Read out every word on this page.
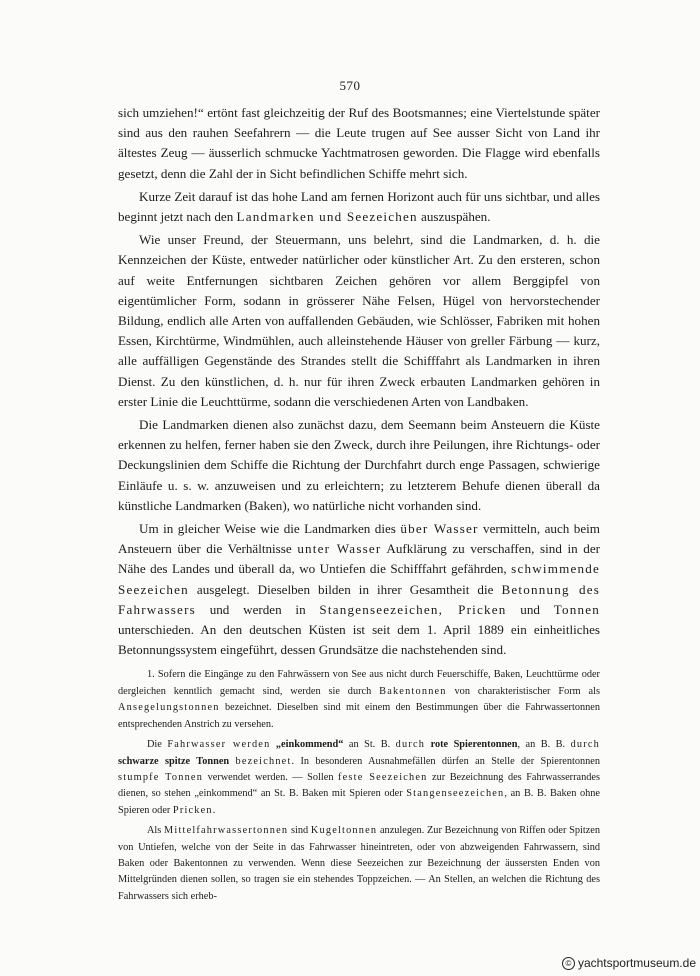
570

sich umziehen!“ ertönt fast gleichzeitig der Ruf des Bootsmannes; eine Viertelstunde später sind aus den rauhen Seefahrern — die Leute trugen auf See ausser Sicht von Land ihr ältestes Zeug — äusserlich schmucke Yachtmatrosen geworden. Die Flagge wird ebenfalls gesetzt, denn die Zahl der in Sicht befindlichen Schiffe mehrt sich.

Kurze Zeit darauf ist das hohe Land am fernen Horizont auch für uns sichtbar, und alles beginnt jetzt nach den Landmarken und Seezeichen auszuspähen.

Wie unser Freund, der Steuermann, uns belehrt, sind die Landmarken, d. h. die Kennzeichen der Küste, entweder natürlicher oder künstlicher Art. Zu den ersteren, schon auf weite Entfernungen sichtbaren Zeichen gehören vor allem Berggipfel von eigentümlicher Form, sodann in grösserer Nähe Felsen, Hügel von hervorstechender Bildung, endlich alle Arten von auffallenden Gebäuden, wie Schlösser, Fabriken mit hohen Essen, Kirchtürme, Windmühlen, auch alleinstehende Häuser von greller Färbung — kurz, alle auffälligen Gegenstände des Strandes stellt die Schifffahrt als Landmarken in ihren Dienst. Zu den künstlichen, d. h. nur für ihren Zweck erbauten Landmarken gehören in erster Linie die Leuchttürme, sodann die verschiedenen Arten von Landbaken.

Die Landmarken dienen also zunächst dazu, dem Seemann beim Ansteuern die Küste erkennen zu helfen, ferner haben sie den Zweck, durch ihre Peilungen, ihre Richtungs- oder Deckungslinien dem Schiffe die Richtung der Durchfahrt durch enge Passagen, schwierige Einläufe u. s. w. anzuweisen und zu erleichtern; zu letzterem Behufe dienen überall da künstliche Landmarken (Baken), wo natürliche nicht vorhanden sind.

Um in gleicher Weise wie die Landmarken dies über Wasser vermitteln, auch beim Ansteuern über die Verhältnisse unter Wasser Aufklärung zu verschaffen, sind in der Nähe des Landes und überall da, wo Untiefen die Schifffahrt gefährden, schwimmende Seezeichen ausgelegt. Dieselben bilden in ihrer Gesamtheit die Betonnung des Fahrwassers und werden in Stangenseezeichen, Pricken und Tonnen unterschieden. An den deutschen Küsten ist seit dem 1. April 1889 ein einheitliches Betonnungssystem eingeführt, dessen Grundsätze die nachstehenden sind.

1. Sofern die Eingänge zu den Fahrwässern von See aus nicht durch Feuerschiffe, Baken, Leuchttürme oder dergleichen kenntlich gemacht sind, werden sie durch Bakentonnen von charakteristischer Form als Ansegelungstonnen bezeichnet. Dieselben sind mit einem den Bestimmungen über die Fahrwassertonnen entsprechenden Anstrich zu versehen.

Die Fahrwasser werden „einkommend“ an St. B. durch rote Spierentonnen, an B. B. durch schwarze spitze Tonnen bezeichnet. In besonderen Ausnahmefällen dürfen an Stelle der Spierentonnen stumpfe Tonnen verwendet werden. — Sollen feste Seezeichen zur Bezeichnung des Fahrwasserrandes dienen, so stehen „einkommend“ an St. B. Baken mit Spieren oder Stangenseezeichen, an B. B. Baken ohne Spieren oder Pricken.

Als Mittelfahrwassertonnen sind Kugeltonnen anzulegen. Zur Bezeichnung von Riffen oder Spitzen von Untiefen, welche von der Seite in das Fahrwasser hineintreten, oder von abzweigenden Fahrwassern, sind Baken oder Bakentonnen zu verwenden. Wenn diese Seezeichen zur Bezeichnung der äussersten Enden von Mittelgründen dienen sollen, so tragen sie ein stehendes Toppzeichen. — An Stellen, an welchen die Richtung des Fahrwassers sich erheb-

© yachtsportmuseum.de
